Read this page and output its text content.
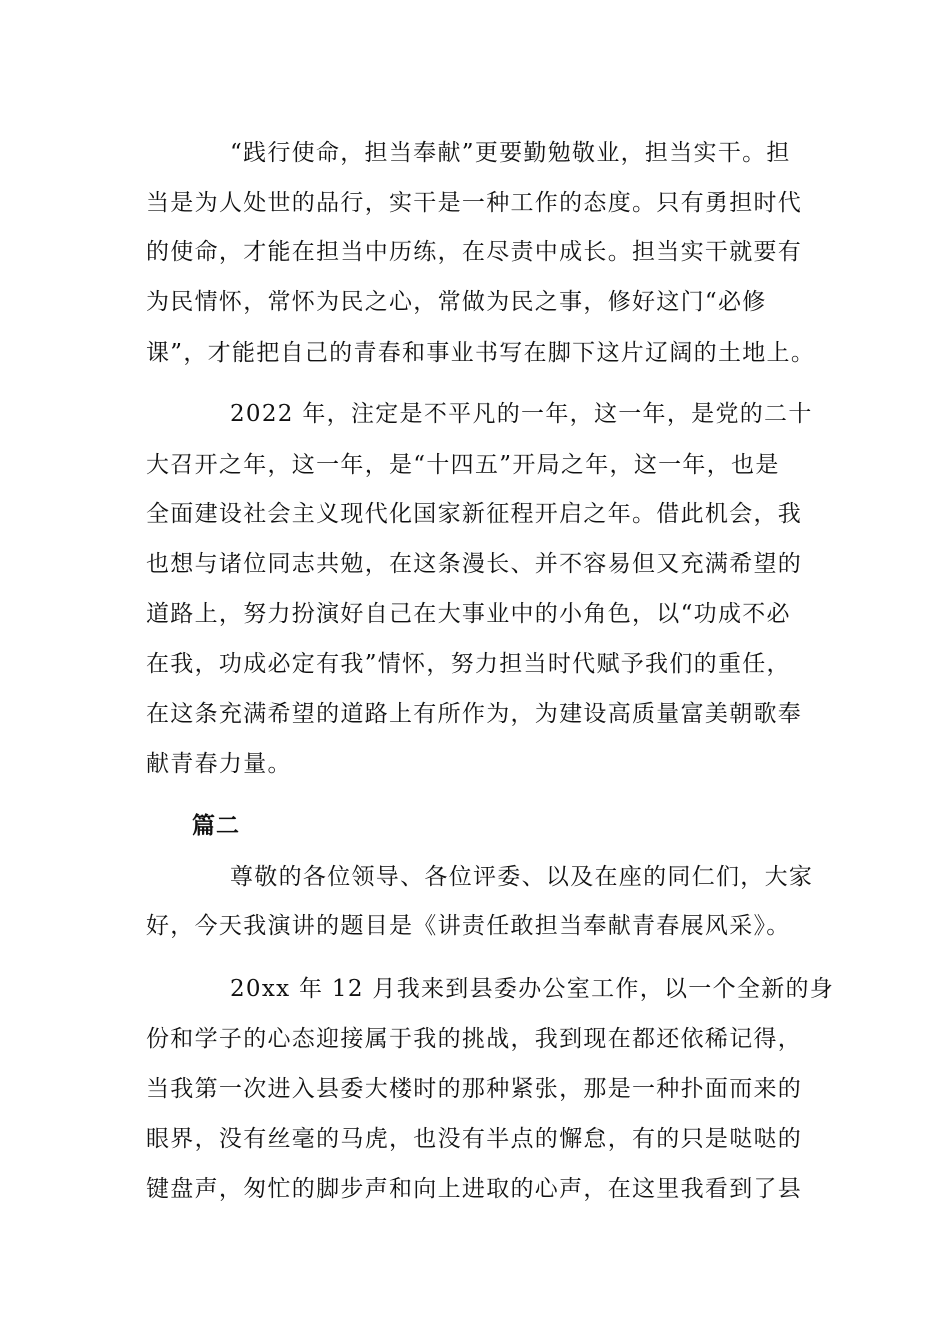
“践行使命，担当奉献”更要勤勉敬业，担当实干。担
当是为人处世的品行，实干是一种工作的态度。只有勇担时代
的使命，才能在担当中历练，在尽责中成长。担当实干就要有
为民情怀，常怀为民之心，常做为民之事，修好这门“必修
课”，才能把自己的青春和事业书写在脚下这片辽阔的土地上。
2022 年，注定是不平凡的一年，这一年，是党的二十
大召开之年，这一年，是“十四五”开局之年，这一年，也是
全面建设社会主义现代化国家新征程开启之年。借此机会，我
也想与诸位同志共勉，在这条漫长、并不容易但又充满希望的
道路上，努力扮演好自己在大事业中的小角色，以“功成不必
在我，功成必定有我”情怀，努力担当时代赋予我们的重任，
在这条充满希望的道路上有所作为，为建设高质量富美朝歌奉
献青春力量。
篇二
尊敬的各位领导、各位评委、以及在座的同仁们，大家
好，今天我演讲的题目是《讲责任敢担当奉献青春展风采》。
20xx 年 12 月我来到县委办公室工作，以一个全新的身
份和学子的心态迎接属于我的挑战，我到现在都还依稀记得，
当我第一次进入县委大楼时的那种紧张，那是一种扑面而来的
眼界，没有丝毫的马虎，也没有半点的懈怠，有的只是哒哒的
键盘声，匆忙的脚步声和向上进取的心声，在这里我看到了县
